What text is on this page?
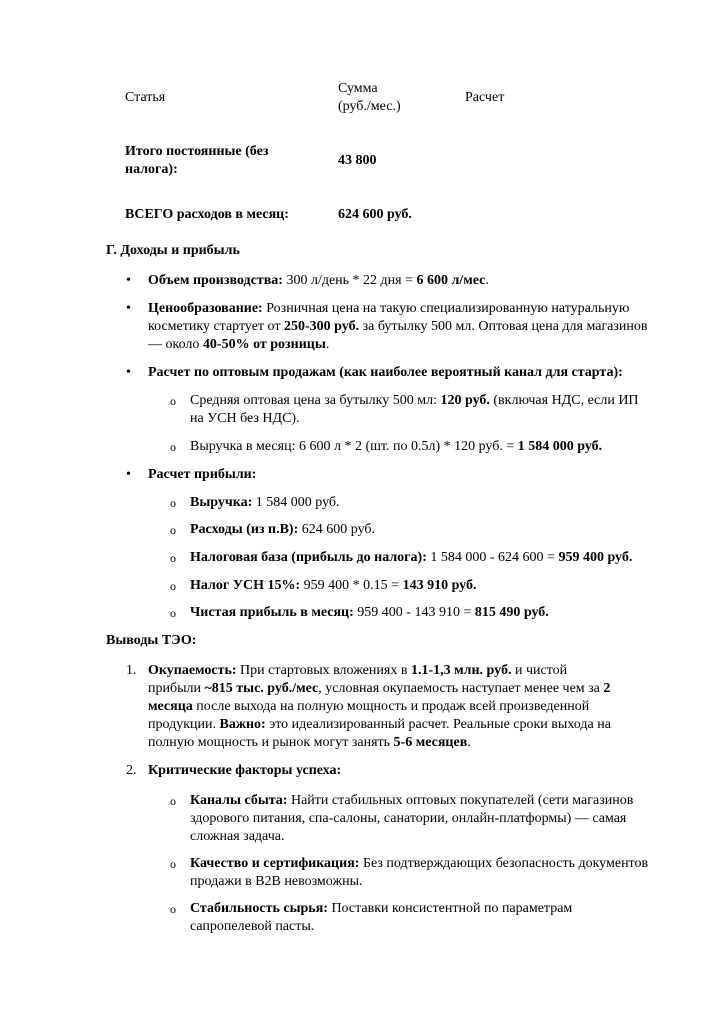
Статья
Сумма
(руб./мес.)
Расчет
Итого постоянные (без
налога):
43 800
ВСЕГО расходов в месяц:	624 600 руб.
Г. Доходы и прибыль
• Объем производства: 300 л/день * 22 дня = 6 600 л/мес.
• Ценообразование: Розничная цена на такую специализированную натуральную
косметику стартует от 250-300 руб. за бутылку 500 мл. Оптовая цена для магазинов
— около 40-50% от розницы.
• Расчет по оптовым продажам (как наиболее вероятный канал для старта):
o Средняя оптовая цена за бутылку 500 мл: 120 руб. (включая НДС, если ИП
на УСН без НДС).
o Выручка в месяц: 6 600 л * 2 (шт. по 0.5л) * 120 руб. = 1 584 000 руб.
• Расчет прибыли:
o Выручка: 1 584 000 руб.
o Расходы (из п.В): 624 600 руб.
o Налоговая база (прибыль до налога): 1 584 000 - 624 600 = 959 400 руб.
o Налог УСН 15%: 959 400 * 0.15 = 143 910 руб.
o Чистая прибыль в месяц: 959 400 - 143 910 = 815 490 руб.
Выводы ТЭО:
1. Окупаемость: При стартовых вложениях в 1.1-1,3 млн. руб. и чистой
прибыли ~815 тыс. руб./мес, условная окупаемость наступает менее чем за 2
месяца после выхода на полную мощность и продаж всей произведенной
продукции. Важно: это идеализированный расчет. Реальные сроки выхода на
полную мощность и рынок могут занять 5-6 месяцев.
2. Критические факторы успеха:
o Каналы сбыта: Найти стабильных оптовых покупателей (сети магазинов
здорового питания, спа-салоны, санатории, онлайн-платформы) — самая
сложная задача.
o Качество и сертификация: Без подтверждающих безопасность документов
продажи в B2B невозможны.
o Стабильность сырья: Поставки консистентной по параметрам
сапропелевой пасты.
